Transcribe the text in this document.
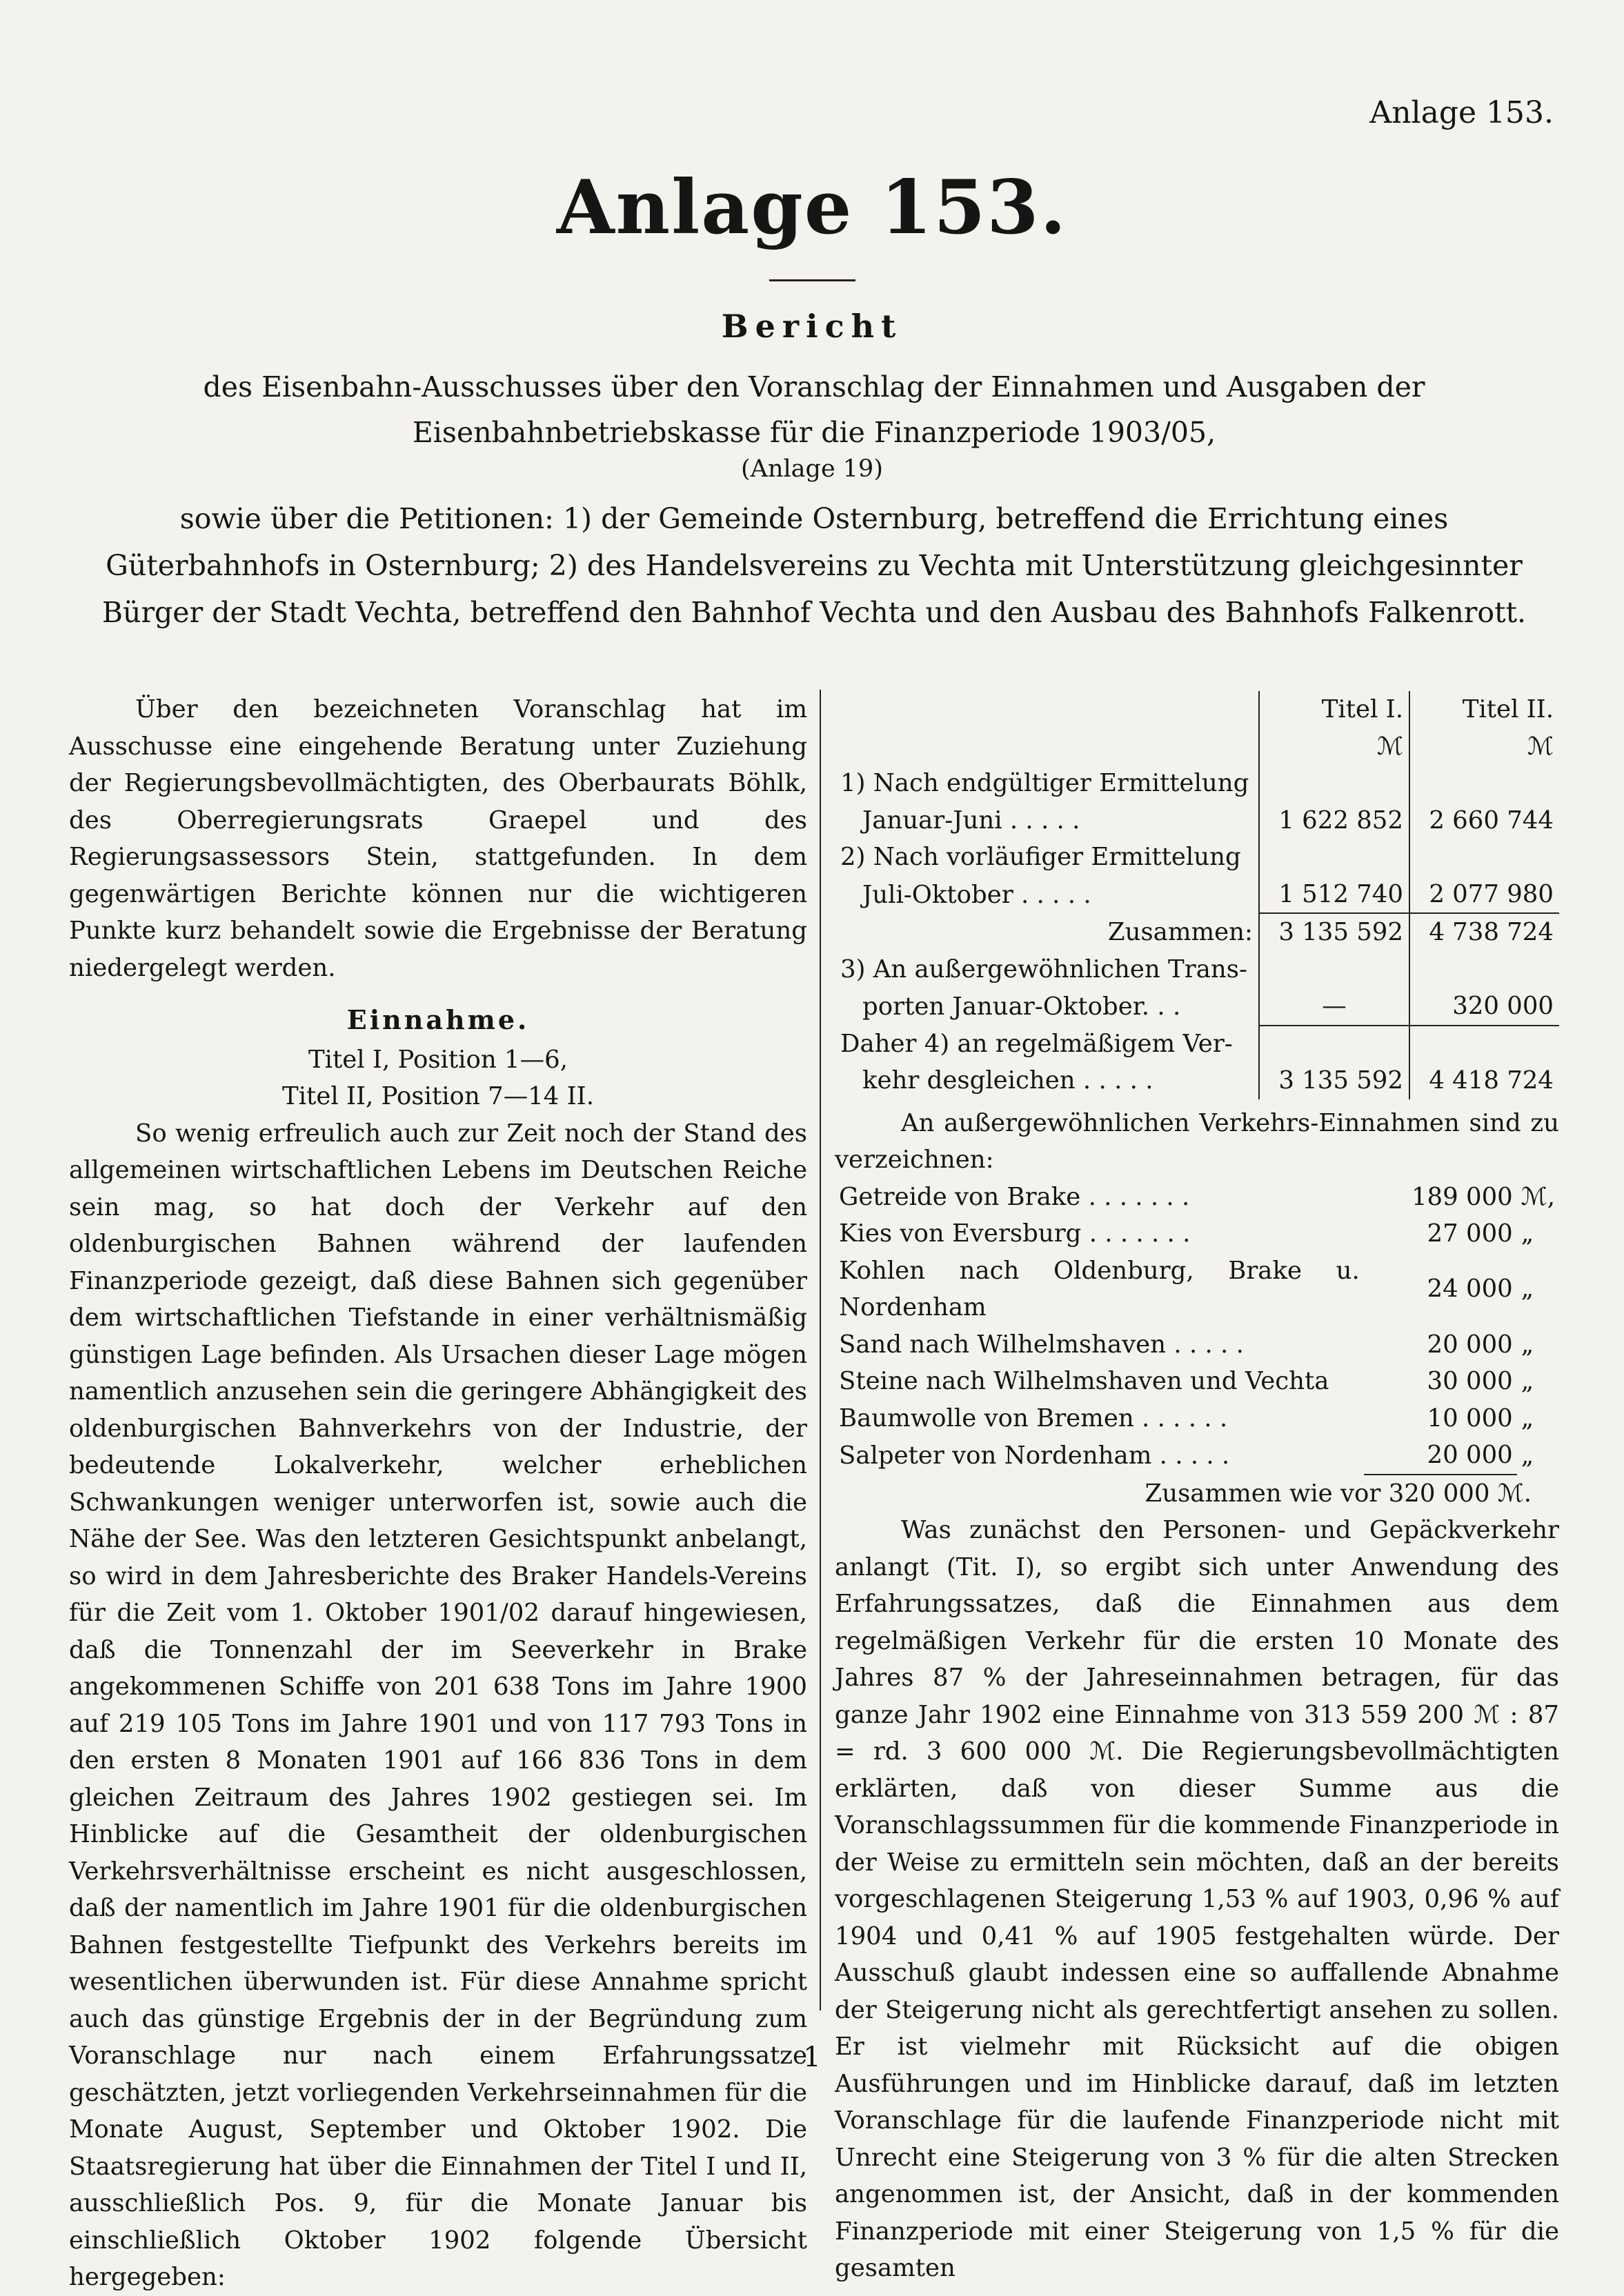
Anlage 153.
Anlage 153.
Bericht
des Eisenbahn-Ausschusses über den Voranschlag der Einnahmen und Ausgaben der Eisenbahnbetriebskasse für die Finanzperiode 1903/05,
(Anlage 19)
sowie über die Petitionen: 1) der Gemeinde Osternburg, betreffend die Errichtung eines Güterbahnhofs in Osternburg; 2) des Handelsvereins zu Vechta mit Unterstützung gleichgesinnter Bürger der Stadt Vechta, betreffend den Bahnhof Vechta und den Ausbau des Bahnhofs Falkenrott.

Über den bezeichneten Voranschlag hat im Ausschusse eine eingehende Beratung unter Zuziehung der Regierungsbevollmächtigten, des Oberbaurats Böhlk, des Oberregierungsrats Graepel und des Regierungsassessors Stein, stattgefunden. In dem gegenwärtigen Berichte können nur die wichtigeren Punkte kurz behandelt sowie die Ergebnisse der Beratung niedergelegt werden.

Einnahme.
Titel I, Position 1—6,
Titel II, Position 7—14 II.

So wenig erfreulich auch zur Zeit noch der Stand des allgemeinen wirtschaftlichen Lebens im Deutschen Reiche sein mag, so hat doch der Verkehr auf den oldenburgischen Bahnen während der laufenden Finanzperiode gezeigt, daß diese Bahnen sich gegenüber dem wirtschaftlichen Tiefstande in einer verhältnismäßig günstigen Lage befinden. Als Ursachen dieser Lage mögen namentlich anzusehen sein die geringere Abhängigkeit des oldenburgischen Bahnverkehrs von der Industrie, der bedeutende Lokalverkehr, welcher erheblichen Schwankungen weniger unterworfen ist, sowie auch die Nähe der See. Was den letzteren Gesichtspunkt anbelangt, so wird in dem Jahresberichte des Braker Handels-Vereins für die Zeit vom 1. Oktober 1901/02 darauf hingewiesen, daß die Tonnenzahl der im Seeverkehr in Brake angekommenen Schiffe von 201 638 Tons im Jahre 1900 auf 219 105 Tons im Jahre 1901 und von 117 793 Tons in den ersten 8 Monaten 1901 auf 166 836 Tons in dem gleichen Zeitraum des Jahres 1902 gestiegen sei. Im Hinblicke auf die Gesamtheit der oldenburgischen Verkehrsverhältnisse erscheint es nicht ausgeschlossen, daß der namentlich im Jahre 1901 für die oldenburgischen Bahnen festgestellte Tiefpunkt des Verkehrs bereits im wesentlichen überwunden ist. Für diese Annahme spricht auch das günstige Ergebnis der in der Begründung zum Voranschlage nur nach einem Erfahrungssatze geschätzten, jetzt vorliegenden Verkehrseinnahmen für die Monate August, September und Oktober 1902. Die Staatsregierung hat über die Einnahmen der Titel I und II, ausschließlich Pos. 9, für die Monate Januar bis einschließlich Oktober 1902 folgende Übersicht hergegeben:

	Titel I.	Titel II.
	ℳ	ℳ
1) Nach endgültiger Ermittelung		
Januar-Juni . . . . .	1 622 852	2 660 744
2) Nach vorläufiger Ermittelung		
Juli-Oktober . . . . .	1 512 740	2 077 980
Zusammen:	3 135 592	4 738 724
3) An außergewöhnlichen Trans-		
porten Januar-Oktober. . .	—	320 000
Daher 4) an regelmäßigem Ver-		
kehr desgleichen . . . . .	3 135 592	4 418 724

An außergewöhnlichen Verkehrs-Einnahmen sind zu verzeichnen:

Getreide von Brake . . . . . . .	189 000	ℳ,
Kies von Eversburg . . . . . . .	27 000	„
Kohlen nach Oldenburg, Brake u. Nordenham	24 000	„
Sand nach Wilhelmshaven . . . . .	20 000	„
Steine nach Wilhelmshaven und Vechta	30 000	„
Baumwolle von Bremen . . . . . .	10 000	„
Salpeter von Nordenham . . . . .	20 000	„
Zusammen wie vor 320 000 ℳ.

Was zunächst den Personen- und Gepäckverkehr anlangt (Tit. I), so ergibt sich unter Anwendung des Erfahrungssatzes, daß die Einnahmen aus dem regelmäßigen Verkehr für die ersten 10 Monate des Jahres 87 % der Jahreseinnahmen betragen, für das ganze Jahr 1902 eine Einnahme von 313 559 200 ℳ : 87 = rd. 3 600 000 ℳ. Die Regierungsbevollmächtigten erklärten, daß von dieser Summe aus die Voranschlagssummen für die kommende Finanzperiode in der Weise zu ermitteln sein möchten, daß an der bereits vorgeschlagenen Steigerung 1,53 % auf 1903, 0,96 % auf 1904 und 0,41 % auf 1905 festgehalten würde. Der Ausschuß glaubt indessen eine so auffallende Abnahme der Steigerung nicht als gerechtfertigt ansehen zu sollen. Er ist vielmehr mit Rücksicht auf die obigen Ausführungen und im Hinblicke darauf, daß im letzten Voranschlage für die laufende Finanzperiode nicht mit Unrecht eine Steigerung von 3 % für die alten Strecken angenommen ist, der Ansicht, daß in der kommenden Finanzperiode mit einer Steigerung von 1,5 % für die gesamten

1
